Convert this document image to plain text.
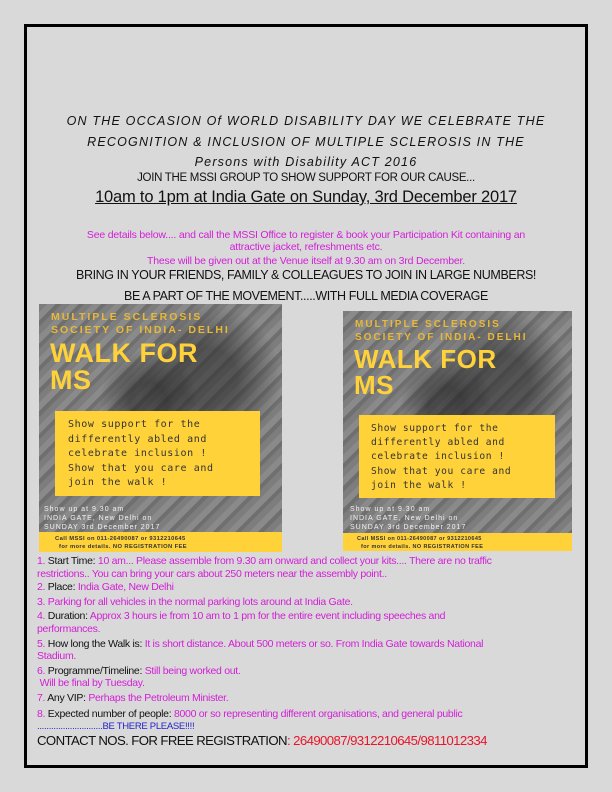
ON THE OCCASION Of WORLD DISABILITY DAY WE CELEBRATE THE
RECOGNITION & INCLUSION OF MULTIPLE SCLEROSIS IN THE
Persons with Disability ACT 2016
JOIN THE MSSI GROUP TO SHOW SUPPORT FOR OUR CAUSE...
10am to 1pm at India Gate on Sunday, 3rd December 2017
See details below.... and call the MSSI Office to register & book your Participation Kit containing an
attractive jacket, refreshments etc.
These will be given out at the Venue itself at 9.30 am on 3rd December.
BRING IN YOUR FRIENDS, FAMILY & COLLEAGUES TO JOIN IN LARGE NUMBERS!
BE A PART OF THE MOVEMENT.....WITH FULL MEDIA COVERAGE
MULTIPLE SCLEROSIS
SOCIETY OF INDIA- DELHI
WALK FOR
MS
Show support for the
differently abled and
celebrate inclusion !
Show that you care and
join the walk !
Show up at 9.30 am
INDIA GATE, New Delhi on
SUNDAY 3rd December 2017
Call MSSI on 011-26490087 or 9312210645
for more details. NO REGISTRATION FEE
MULTIPLE SCLEROSIS
SOCIETY OF INDIA- DELHI
WALK FOR
MS
Show support for the
differently abled and
celebrate inclusion !
Show that you care and
join the walk !
Show up at 9.30 am
INDIA GATE, New Delhi on
SUNDAY 3rd December 2017
Call MSSI on 011-26490087 or 9312210645
for more details. NO REGISTRATION FEE
1. Start Time: 10 am... Please assemble from 9.30 am onward and collect your kits.... There are no traffic
restrictions.. You can bring your cars about 250 meters near the assembly point..
2. Place: India Gate, New Delhi
3. Parking for all vehicles in the normal parking lots around at India Gate.
4. Duration: Approx 3 hours ie from 10 am to 1 pm for the entire event including speeches and
performances.
5. How long the Walk is: It is short distance. About 500 meters or so. From India Gate towards National
Stadium.
6. Programme/Timeline: Still being worked out.
Will be final by Tuesday.
7. Any VIP: Perhaps the Petroleum Minister.
8. Expected number of people: 8000 or so representing different organisations, and general public
............................BE THERE PLEASE!!!!
CONTACT NOS. FOR FREE REGISTRATION: 26490087/9312210645/9811012334
